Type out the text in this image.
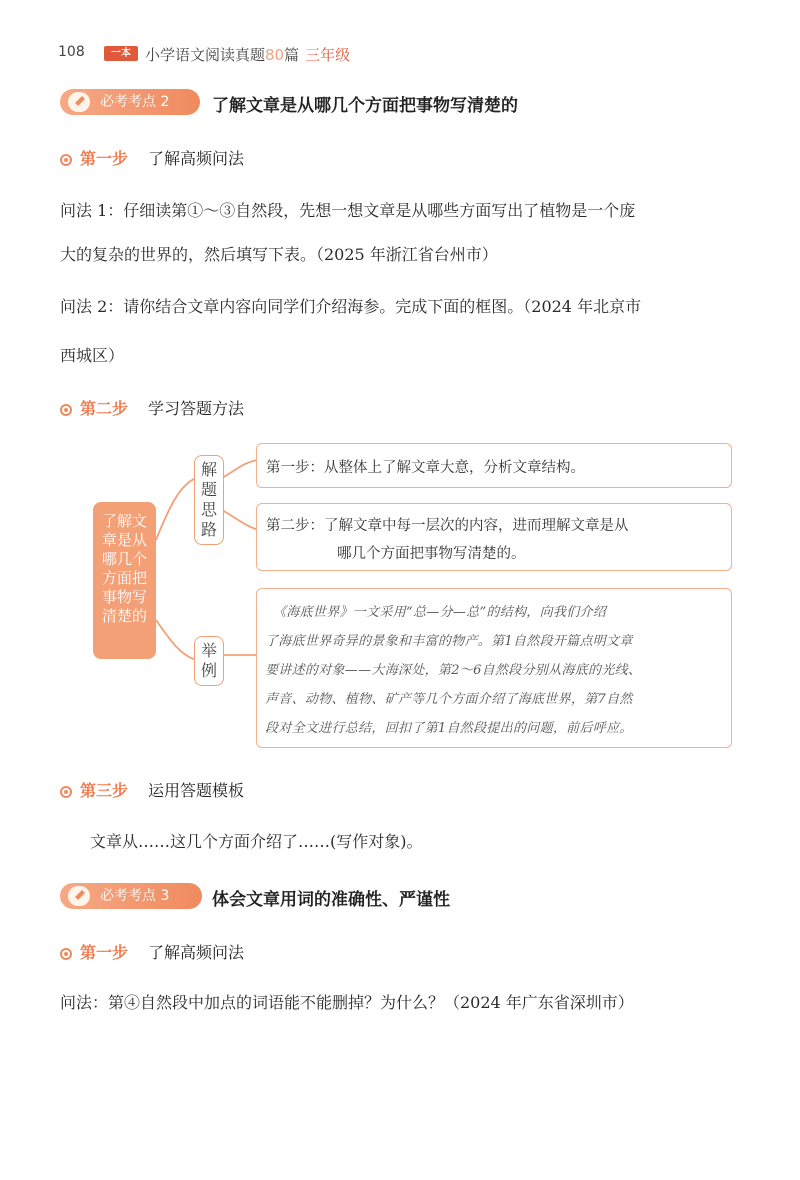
108	一本 小学语文阅读真题80篇 三年级
必考考点 2	了解文章是从哪几个方面把事物写清楚的
第一步 了解高频问法
问法 1：仔细读第①～③自然段，先想一想文章是从哪些方面写出了植物是一个庞
大的复杂的世界的，然后填写下表。（2025 年浙江省台州市）
问法 2：请你结合文章内容向同学们介绍海参。完成下面的框图。（2024 年北京市
西城区）
第二步 学习答题方法
了解文
章是从
哪几个
方面把
事物写
清楚的
解
题
思
路
举
例
第一步：从整体上了解文章大意，分析文章结构。
第二步：了解文章中每一层次的内容，进而理解文章是从
哪几个方面把事物写清楚的。
《海底世界》一文采用“总—分—总”的结构，向我们介绍
了海底世界奇异的景象和丰富的物产。第1自然段开篇点明文章
要讲述的对象——大海深处，第2～6自然段分别从海底的光线、
声音、动物、植物、矿产等几个方面介绍了海底世界，第7自然
段对全文进行总结，回扣了第1自然段提出的问题，前后呼应。
第三步 运用答题模板
文章从……这几个方面介绍了……(写作对象)。
必考考点 3	体会文章用词的准确性、严谨性
第一步 了解高频问法
问法：第④自然段中加点的词语能不能删掉？为什么？（2024 年广东省深圳市）
